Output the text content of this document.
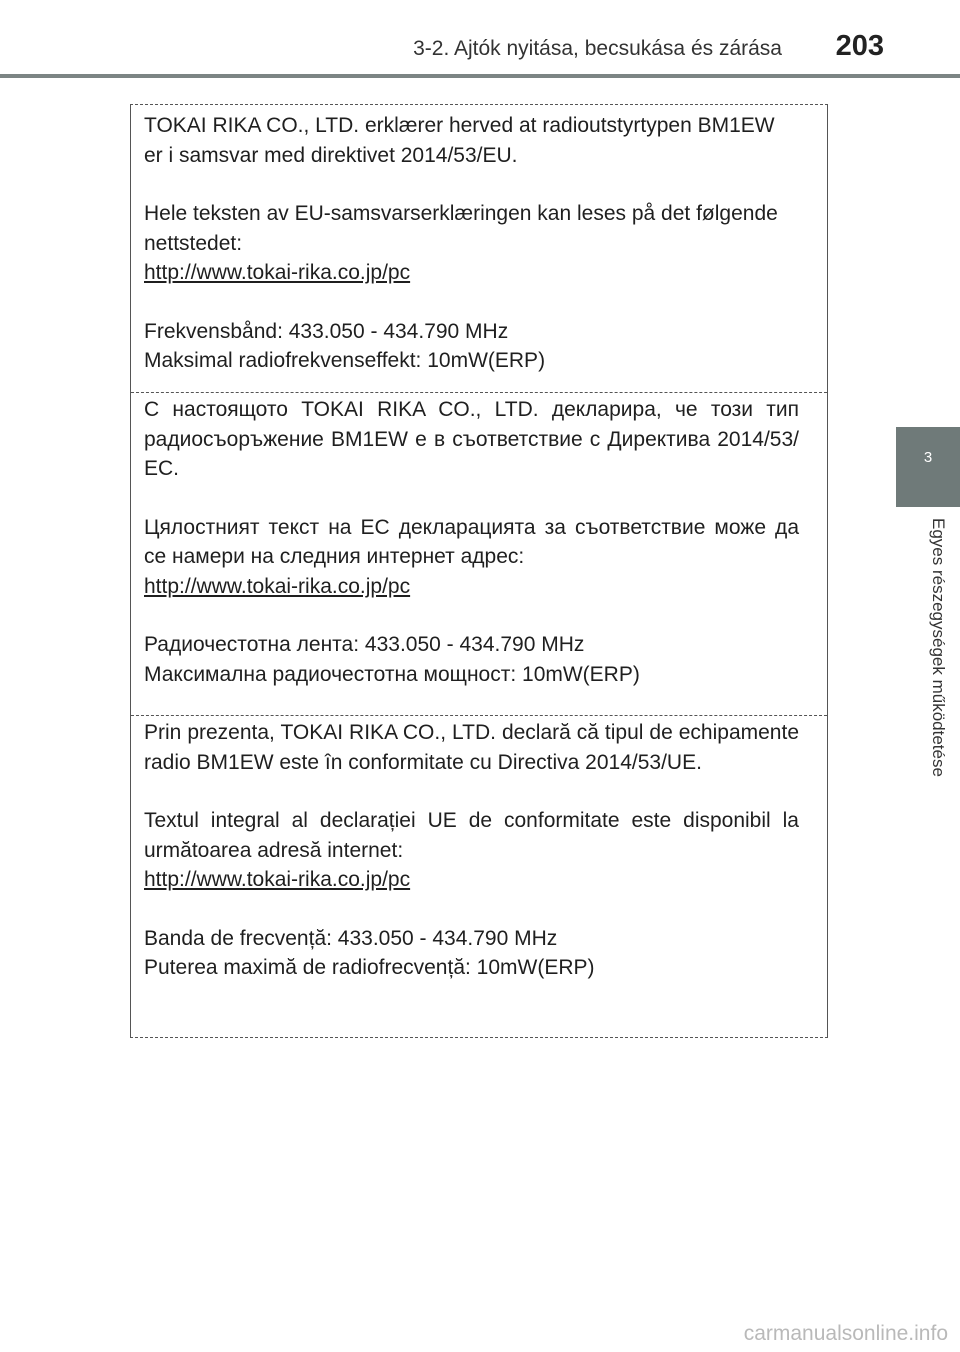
3-2. Ajtók nyitása, becsukása és zárása 203
3
Egyes részegységek működtetése

TOKAI RIKA CO., LTD. erklærer herved at radioutstyrtypen BM1EW er i samsvar med direktivet 2014/53/EU.

Hele teksten av EU-samsvarserklæringen kan leses på det følgende nettstedet:

http://www.tokai-rika.co.jp/pc

Frekvensbånd: 433.050 - 434.790 MHz

Maksimal radiofrekvenseffekt: 10mW(ERP)

С настоящото TOKAI RIKA CO., LTD. декларира, че този тип радиосъоръжение BM1EW е в съответствие с Директива 2014/53/ЕС.

Цялостният текст на ЕС декларацията за съответствие може да се намери на следния интернет адрес:

http://www.tokai-rika.co.jp/pc

Радиочестотна лента: 433.050 - 434.790 MHz

Максимална радиочестотна мощност: 10mW(ERP)

Prin prezenta, TOKAI RIKA CO., LTD. declară că tipul de echipamente radio BM1EW este în conformitate cu Directiva 2014/53/UE.

Textul integral al declarației UE de conformitate este disponibil la următoarea adresă internet:

http://www.tokai-rika.co.jp/pc

Banda de frecvență: 433.050 - 434.790 MHz

Puterea maximă de radiofrecvență: 10mW(ERP)

carmanualsonline.info
